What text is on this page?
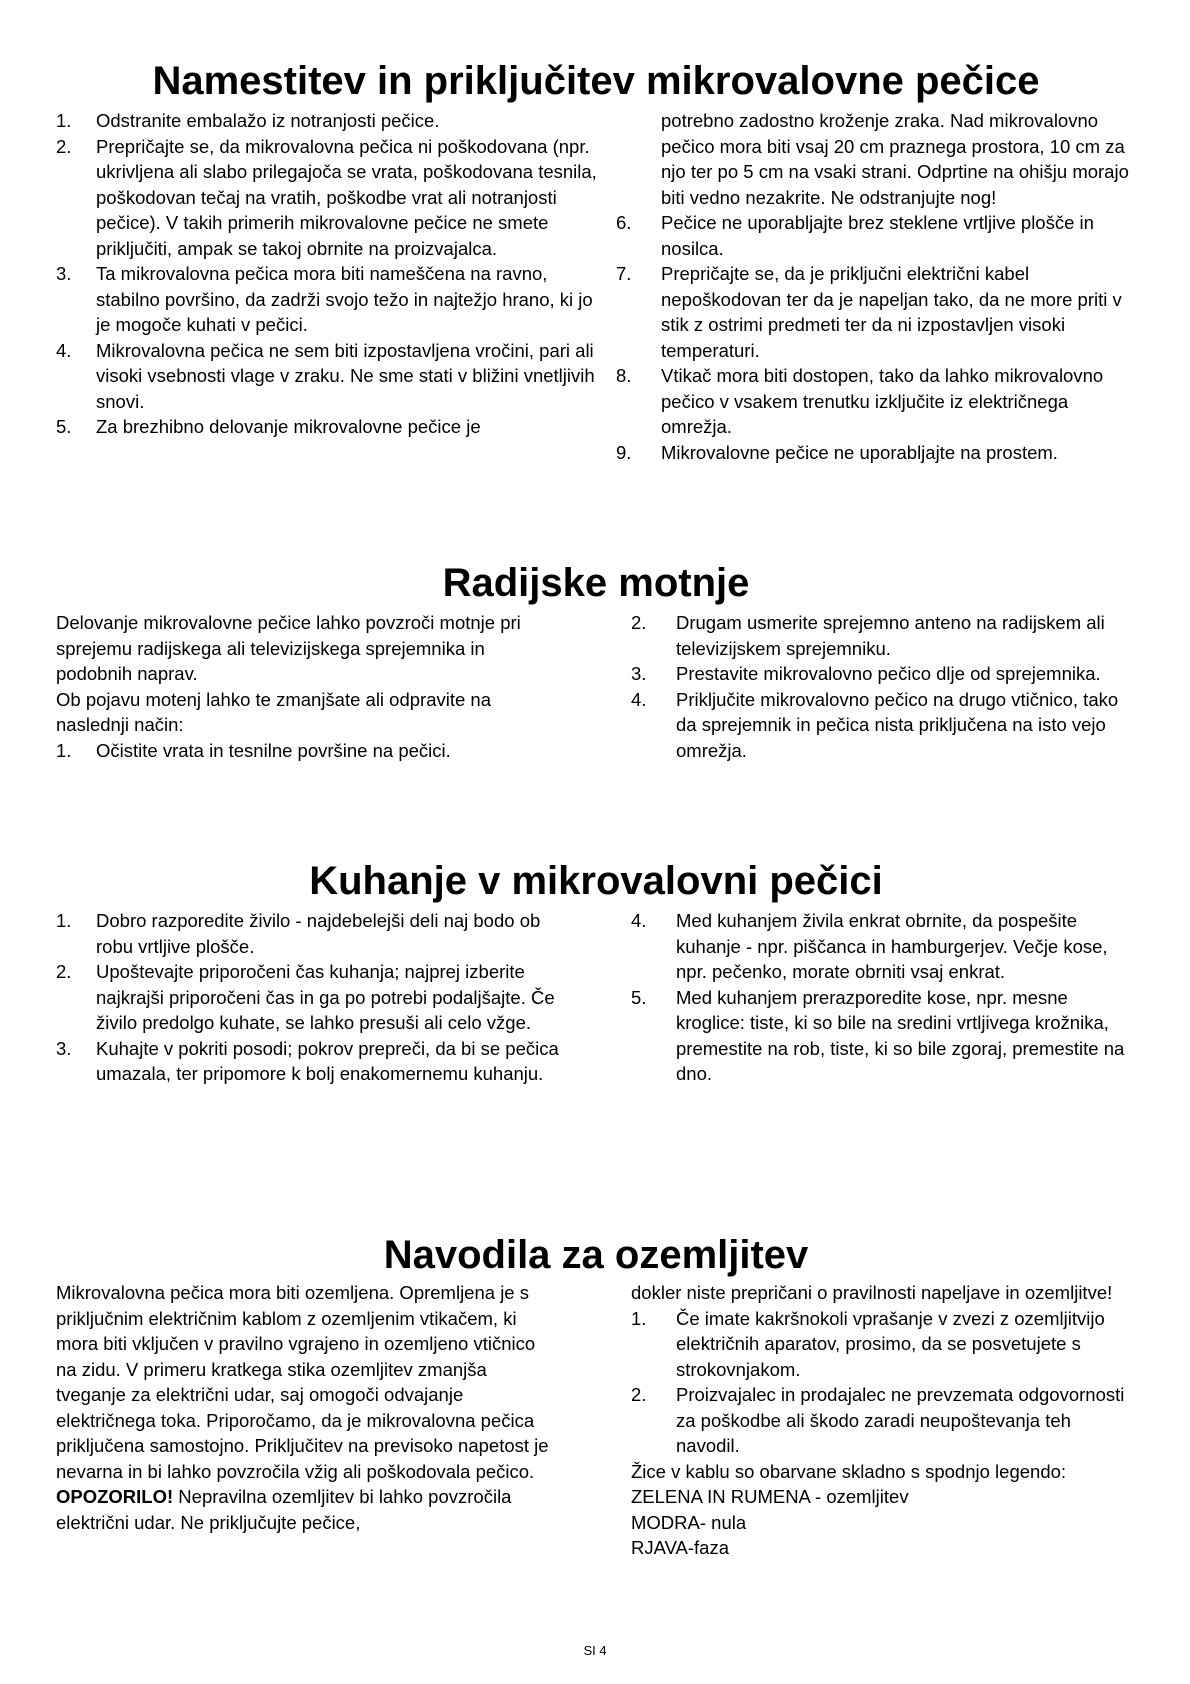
Namestitev in priključitev mikrovalovne pečice
1.	Odstranite embalažo iz notranjosti pečice.
2.	Prepričajte se, da mikrovalovna pečica ni poškodovana (npr. ukrivljena ali slabo prilegajoča se vrata, poškodovana tesnila, poškodovan tečaj na vratih, poškodbe vrat ali notranjosti pečice). V takih primerih mikrovalovne pečice ne smete priključiti, ampak se takoj obrnite na proizvajalca.
3.	Ta mikrovalovna pečica mora biti nameščena na ravno, stabilno površino, da zadrži svojo težo in najtežjo hrano, ki jo je mogoče kuhati v pečici.
4.	Mikrovalovna pečica ne sem biti izpostavljena vročini, pari ali visoki vsebnosti vlage v zraku. Ne sme stati v bližini vnetljivih snovi.
5.	Za brezhibno delovanje mikrovalovne pečice je
potrebno zadostno kroženje zraka. Nad mikrovalovno pečico mora biti vsaj 20 cm praznega prostora, 10 cm za njo ter po 5 cm na vsaki strani. Odprtine na ohišju morajo biti vedno nezakrite. Ne odstranjujte nog!
6.	Pečice ne uporabljajte brez steklene vrtljive plošče in nosilca.
7.	Prepričajte se, da je priključni električni kabel nepoškodovan ter da je napeljan tako, da ne more priti v stik z ostrimi predmeti ter da ni izpostavljen visoki temperaturi.
8.	Vtikač mora biti dostopen, tako da lahko mikrovalovno pečico v vsakem trenutku izključite iz električnega omrežja.
9.	Mikrovalovne pečice ne uporabljajte na prostem.
Radijske motnje

Delovanje mikrovalovne pečice lahko povzroči motnje pri sprejemu radijskega ali televizijskega sprejemnika in podobnih naprav.

Ob pojavu motenj lahko te zmanjšate ali odpravite na naslednji način:

1.	Očistite vrata in tesnilne površine na pečici.
2.	Drugam usmerite sprejemno anteno na radijskem ali televizijskem sprejemniku.
3.	Prestavite mikrovalovno pečico dlje od sprejemnika.
4.	Priključite mikrovalovno pečico na drugo vtičnico, tako da sprejemnik in pečica nista priključena na isto vejo omrežja.
Kuhanje v mikrovalovni pečici
1.	Dobro razporedite živilo - najdebelejši deli naj bodo ob robu vrtljive plošče.
2.	Upoštevajte priporočeni čas kuhanja; najprej izberite najkrajši priporočeni čas in ga po potrebi podaljšajte. Če živilo predolgo kuhate, se lahko presuši ali celo vžge.
3.	Kuhajte v pokriti posodi; pokrov prepreči, da bi se pečica umazala, ter pripomore k bolj enakomernemu kuhanju.
4.	Med kuhanjem živila enkrat obrnite, da pospešite kuhanje - npr. piščanca in hamburgerjev. Večje kose, npr. pečenko, morate obrniti vsaj enkrat.
5.	Med kuhanjem prerazporedite kose, npr. mesne kroglice: tiste, ki so bile na sredini vrtljivega krožnika, premestite na rob, tiste, ki so bile zgoraj, premestite na dno.
Navodila za ozemljitev

Mikrovalovna pečica mora biti ozemljena. Opremljena je s priključnim električnim kablom z ozemljenim vtikačem, ki mora biti vključen v pravilno vgrajeno in ozemljeno vtičnico na zidu. V primeru kratkega stika ozemljitev zmanjša tveganje za električni udar, saj omogoči odvajanje električnega toka. Priporočamo, da je mikrovalovna pečica priključena samostojno. Priključitev na previsoko napetost je nevarna in bi lahko povzročila vžig ali poškodovala pečico.

OPOZORILO! Nepravilna ozemljitev bi lahko povzročila električni udar. Ne priključujte pečice,

dokler niste prepričani o pravilnosti napeljave in ozemljitve!

1.	Če imate kakršnokoli vprašanje v zvezi z ozemljitvijo električnih aparatov, prosimo, da se posvetujete s strokovnjakom.
2.	Proizvajalec in prodajalec ne prevzemata odgovornosti za poškodbe ali škodo zaradi neupoštevanja teh navodil.

Žice v kablu so obarvane skladno s spodnjo legendo:

ZELENA IN RUMENA - ozemljitev
MODRA- nula
RJAVA-faza
SI 4
